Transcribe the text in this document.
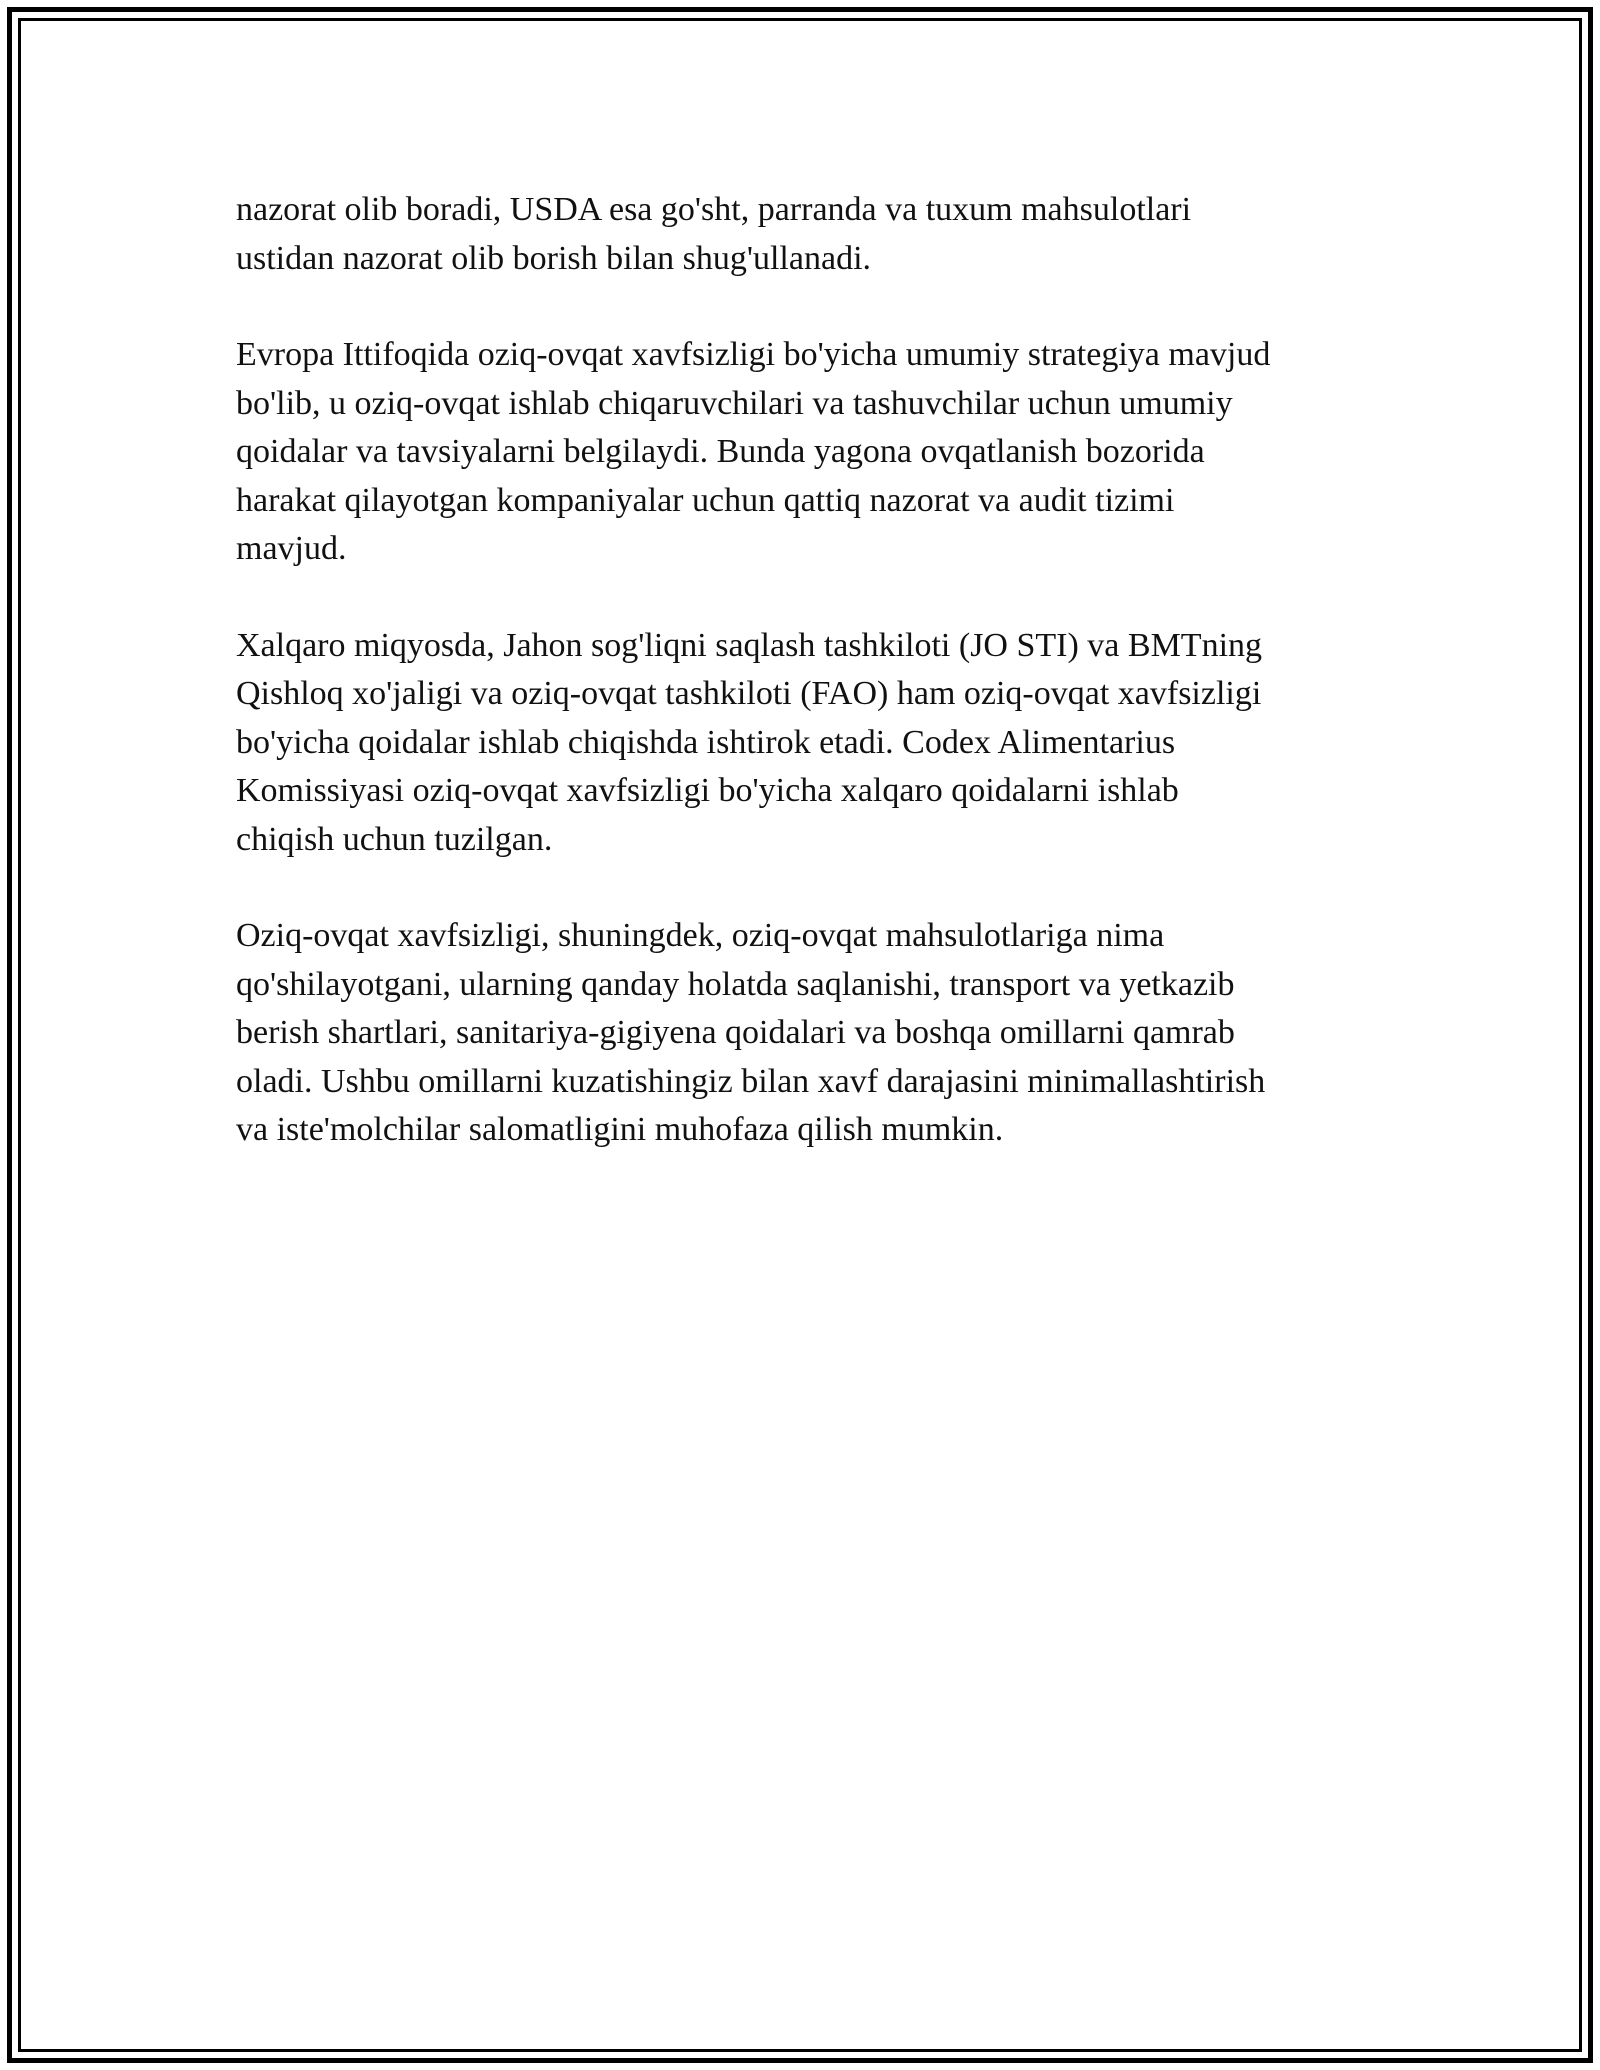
nazorat olib boradi, USDA esa go'sht, parranda va tuxum mahsulotlari
ustidan nazorat olib borish bilan shug'ullanadi.

Evropa Ittifoqida oziq-ovqat xavfsizligi bo'yicha umumiy strategiya mavjud
bo'lib, u oziq-ovqat ishlab chiqaruvchilari va tashuvchilar uchun umumiy
qoidalar va tavsiyalarni belgilaydi. Bunda yagona ovqatlanish bozorida
harakat qilayotgan kompaniyalar uchun qattiq nazorat va audit tizimi
mavjud.

Xalqaro miqyosda, Jahon sog'liqni saqlash tashkiloti (JO STI) va BMTning
Qishloq xo'jaligi va oziq-ovqat tashkiloti (FAO) ham oziq-ovqat xavfsizligi
bo'yicha qoidalar ishlab chiqishda ishtirok etadi. Codex Alimentarius
Komissiyasi oziq-ovqat xavfsizligi bo'yicha xalqaro qoidalarni ishlab
chiqish uchun tuzilgan.

Oziq-ovqat xavfsizligi, shuningdek, oziq-ovqat mahsulotlariga nima
qo'shilayotgani, ularning qanday holatda saqlanishi, transport va yetkazib
berish shartlari, sanitariya-gigiyena qoidalari va boshqa omillarni qamrab
oladi. Ushbu omillarni kuzatishingiz bilan xavf darajasini minimallashtirish
va iste'molchilar salomatligini muhofaza qilish mumkin.
